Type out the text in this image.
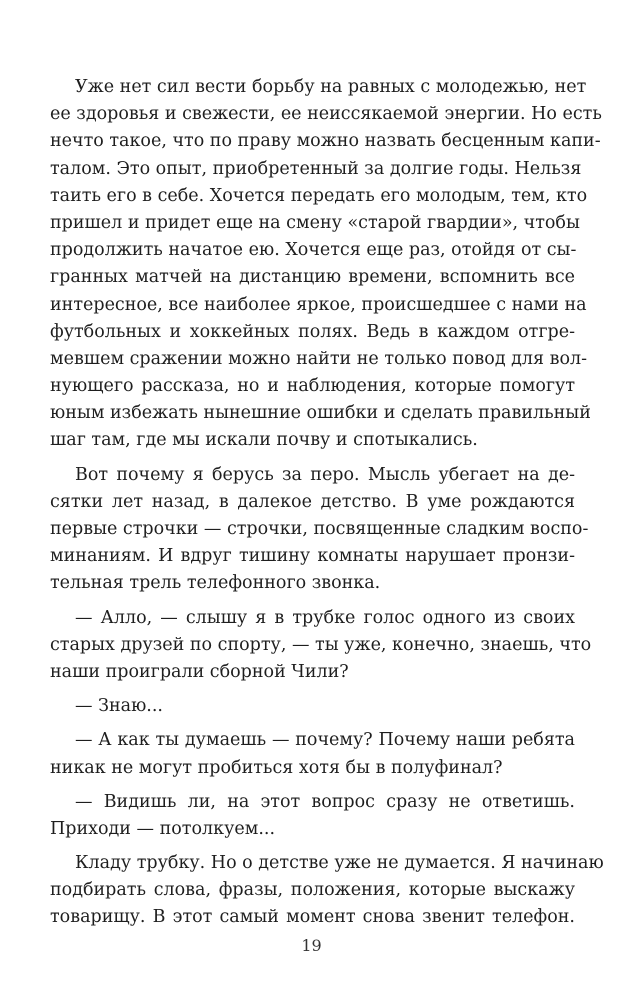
Уже нет сил вести борьбу на равных с молодежью, нет
ее здоровья и свежести, ее неиссякаемой энергии. Но есть
нечто такое, что по праву можно назвать бесценным капи-
талом. Это опыт, приобретенный за долгие годы. Нельзя
таить его в себе. Хочется передать его молодым, тем, кто
пришел и придет еще на смену «старой гвардии», чтобы
продолжить начатое ею. Хочется еще раз, отойдя от сы-
гранных матчей на дистанцию времени, вспомнить все
интересное, все наиболее яркое, происшедшее с нами на
футбольных и хоккейных полях. Ведь в каждом отгре-
мевшем сражении можно найти не только повод для вол-
нующего рассказа, но и наблюдения, которые помогут
юным избежать нынешние ошибки и сделать правильный
шаг там, где мы искали почву и спотыкались.
Вот почему я берусь за перо. Мысль убегает на де-
сятки лет назад, в далекое детство. В уме рождаются
первые строчки — строчки, посвященные сладким воспо-
минаниям. И вдруг тишину комнаты нарушает пронзи-
тельная трель телефонного звонка.
— Алло, — слышу я в трубке голос одного из своих
старых друзей по спорту, — ты уже, конечно, знаешь, что
наши проиграли сборной Чили?
— Знаю...
— А как ты думаешь — почему? Почему наши ребята
никак не могут пробиться хотя бы в полуфинал?
— Видишь ли, на этот вопрос сразу не ответишь.
Приходи — потолкуем...
Кладу трубку. Но о детстве уже не думается. Я начинаю
подбирать слова, фразы, положения, которые выскажу
товарищу. В этот самый момент снова звенит телефон.
19
